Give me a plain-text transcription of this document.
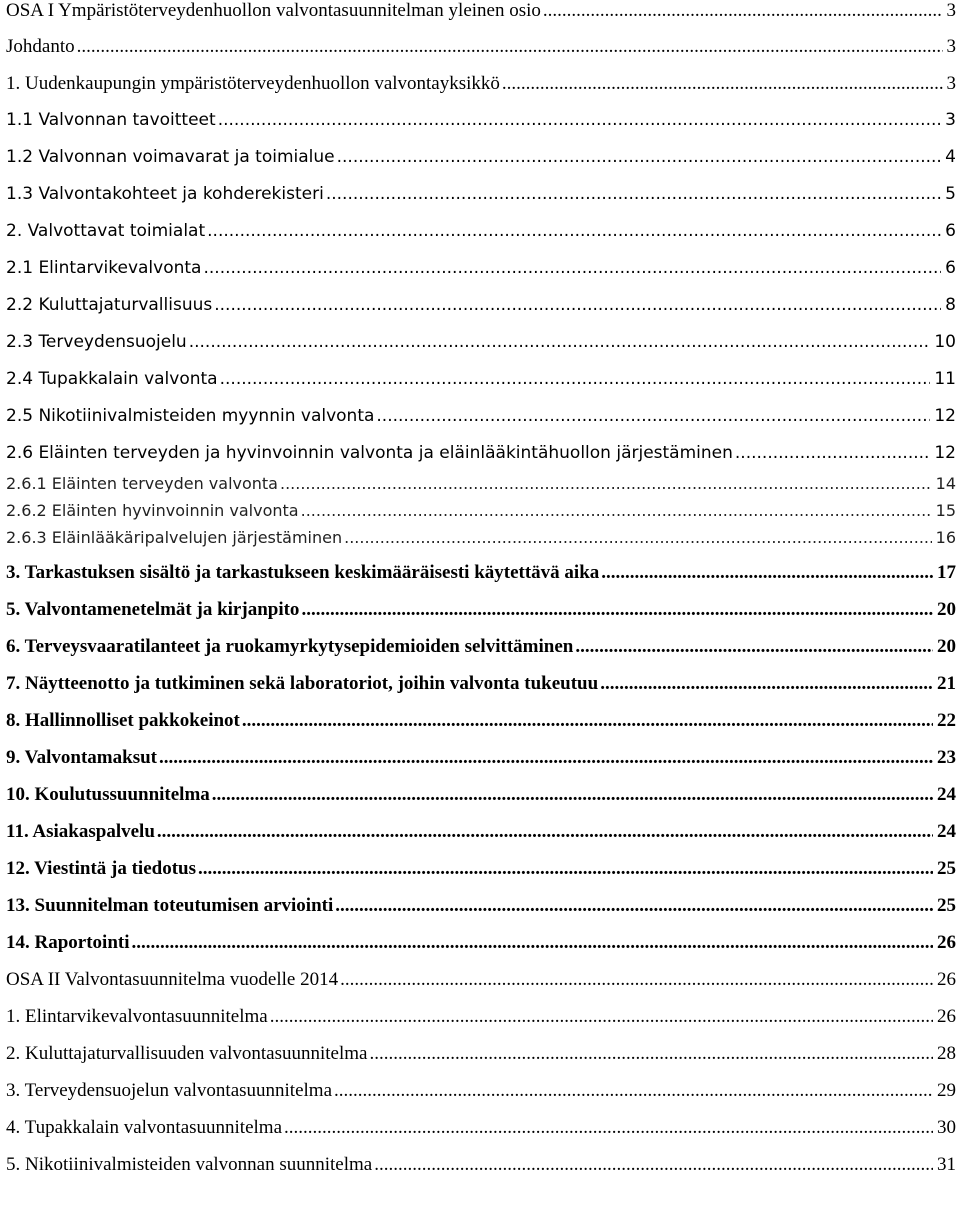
OSA I Ympäristöterveydenhuollon valvontasuunnitelman yleinen osio .....	3
Johdanto .....	3
1. Uudenkaupungin ympäristöterveydenhuollon valvontayksikkö .....	3
1.1 Valvonnan tavoitteet .....	3
1.2 Valvonnan voimavarat ja toimialue .....	4
1.3 Valvontakohteet ja kohderekisteri .....	5
2. Valvottavat toimialat .....	6
2.1 Elintarvikevalvonta .....	6
2.2 Kuluttajaturvallisuus .....	8
2.3 Terveydensuojelu .....	10
2.4 Tupakkalain valvonta .....	11
2.5 Nikotiinivalmisteiden myynnin valvonta .....	12
2.6 Eläinten terveyden ja hyvinvoinnin valvonta ja eläinlääkintähuollon järjestäminen .....	12
2.6.1 Eläinten terveyden valvonta .....	14
2.6.2 Eläinten hyvinvoinnin valvonta .....	15
2.6.3 Eläinlääkäripalvelujen järjestäminen .....	16
3. Tarkastuksen sisältö ja tarkastukseen keskimääräisesti käytettävä aika .....	17
5. Valvontamenetelmät ja kirjanpito .....	20
6. Terveysvaaratilanteet ja ruokamyrkytysepidemioiden selvittäminen .....	20
7. Näytteenotto ja tutkiminen sekä laboratoriot, joihin valvonta tukeutuu .....	21
8. Hallinnolliset pakkokeinot .....	22
9. Valvontamaksut .....	23
10. Koulutussuunnitelma .....	24
11. Asiakaspalvelu .....	24
12. Viestintä ja tiedotus .....	25
13. Suunnitelman toteutumisen arviointi .....	25
14. Raportointi .....	26
OSA II Valvontasuunnitelma vuodelle 2014 .....	26
1. Elintarvikevalvontasuunnitelma .....	26
2. Kuluttajaturvallisuuden valvontasuunnitelma .....	28
3. Terveydensuojelun valvontasuunnitelma .....	29
4. Tupakkalain valvontasuunnitelma .....	30
5. Nikotiinivalmisteiden valvonnan suunnitelma .....	31
